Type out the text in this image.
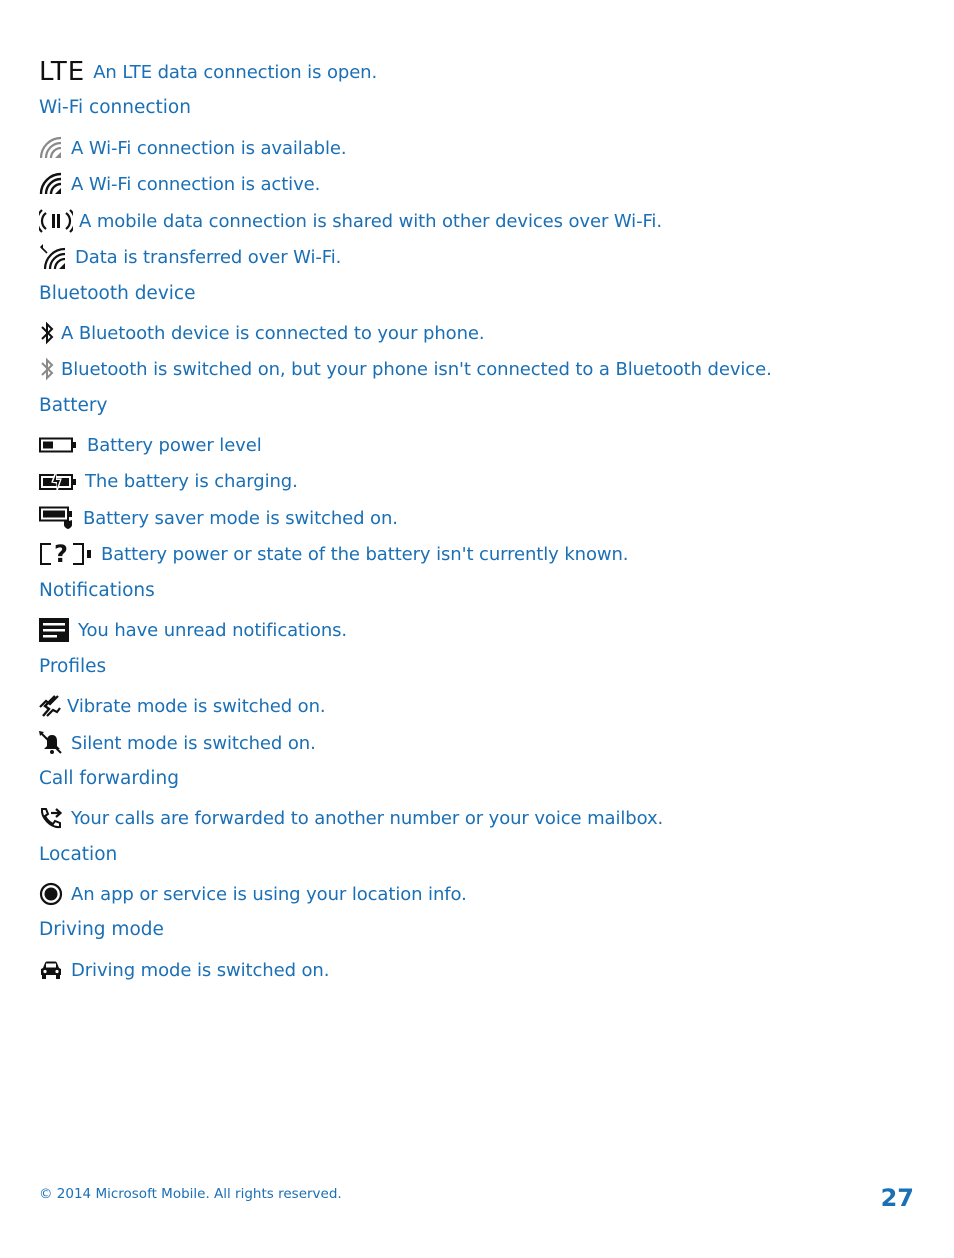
LTE An LTE data connection is open.
Wi-Fi connection
A Wi-Fi connection is available.
A Wi-Fi connection is active.
A mobile data connection is shared with other devices over Wi-Fi.
Data is transferred over Wi-Fi.
Bluetooth device
A Bluetooth device is connected to your phone.
Bluetooth is switched on, but your phone isn't connected to a Bluetooth device.
Battery
Battery power level
The battery is charging.
Battery saver mode is switched on.
? Battery power or state of the battery isn't currently known.
Notifications
You have unread notifications.
Profiles
Vibrate mode is switched on.
Silent mode is switched on.
Call forwarding
Your calls are forwarded to another number or your voice mailbox.
Location
An app or service is using your location info.
Driving mode
Driving mode is switched on.
© 2014 Microsoft Mobile. All rights reserved.	27
